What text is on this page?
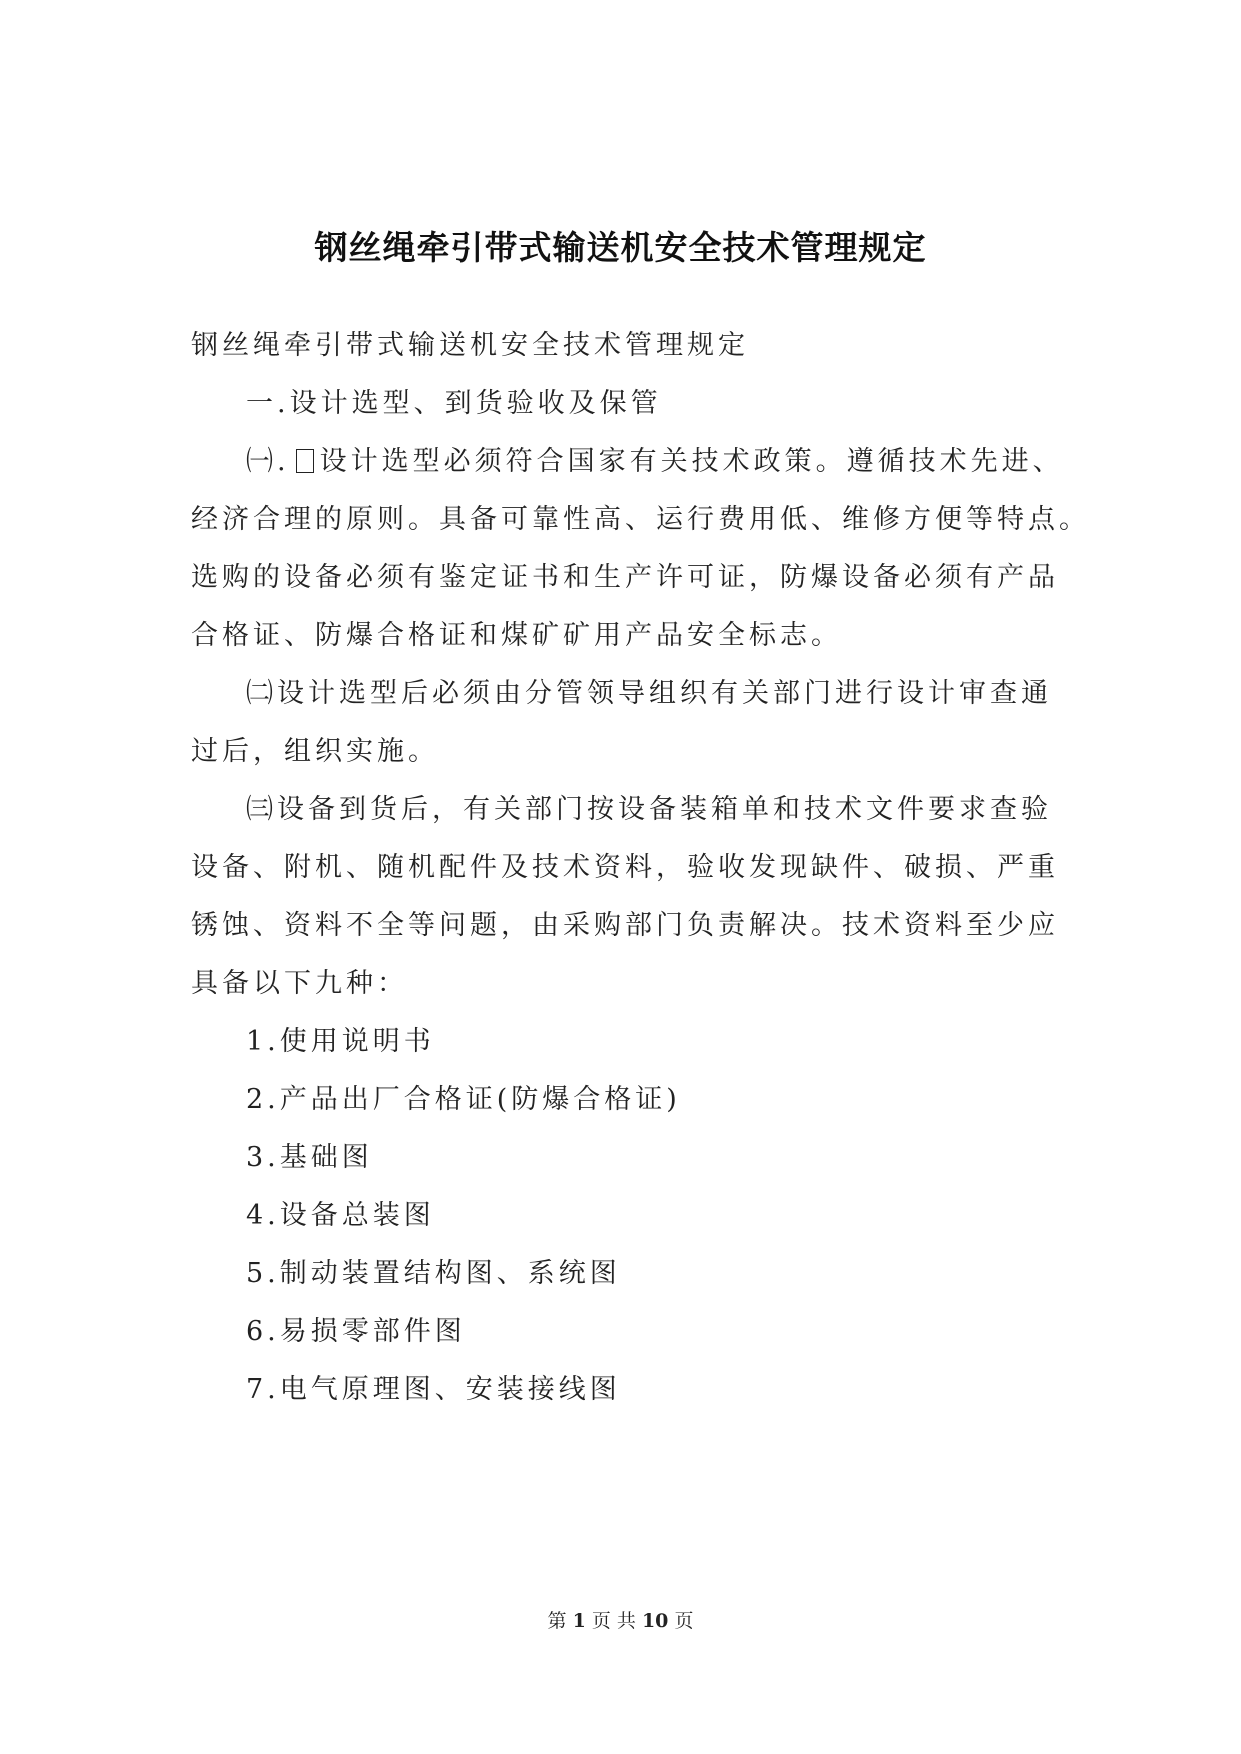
钢丝绳牵引带式输送机安全技术管理规定

钢丝绳牵引带式输送机安全技术管理规定

一.设计选型、到货验收及保管

㈠. 设计选型必须符合国家有关技术政策。遵循技术先进、

经济合理的原则。具备可靠性高、运行费用低、维修方便等特点。

选购的设备必须有鉴定证书和生产许可证，防爆设备必须有产品

合格证、防爆合格证和煤矿矿用产品安全标志。

㈡设计选型后必须由分管领导组织有关部门进行设计审查通

过后，组织实施。

㈢设备到货后，有关部门按设备装箱单和技术文件要求查验

设备、附机、随机配件及技术资料，验收发现缺件、破损、严重

锈蚀、资料不全等问题，由采购部门负责解决。技术资料至少应

具备以下九种：

1.使用说明书

2.产品出厂合格证(防爆合格证)

3.基础图

4.设备总装图

5.制动装置结构图、系统图

6.易损零部件图

7.电气原理图、安装接线图

第 1 页 共 10 页
